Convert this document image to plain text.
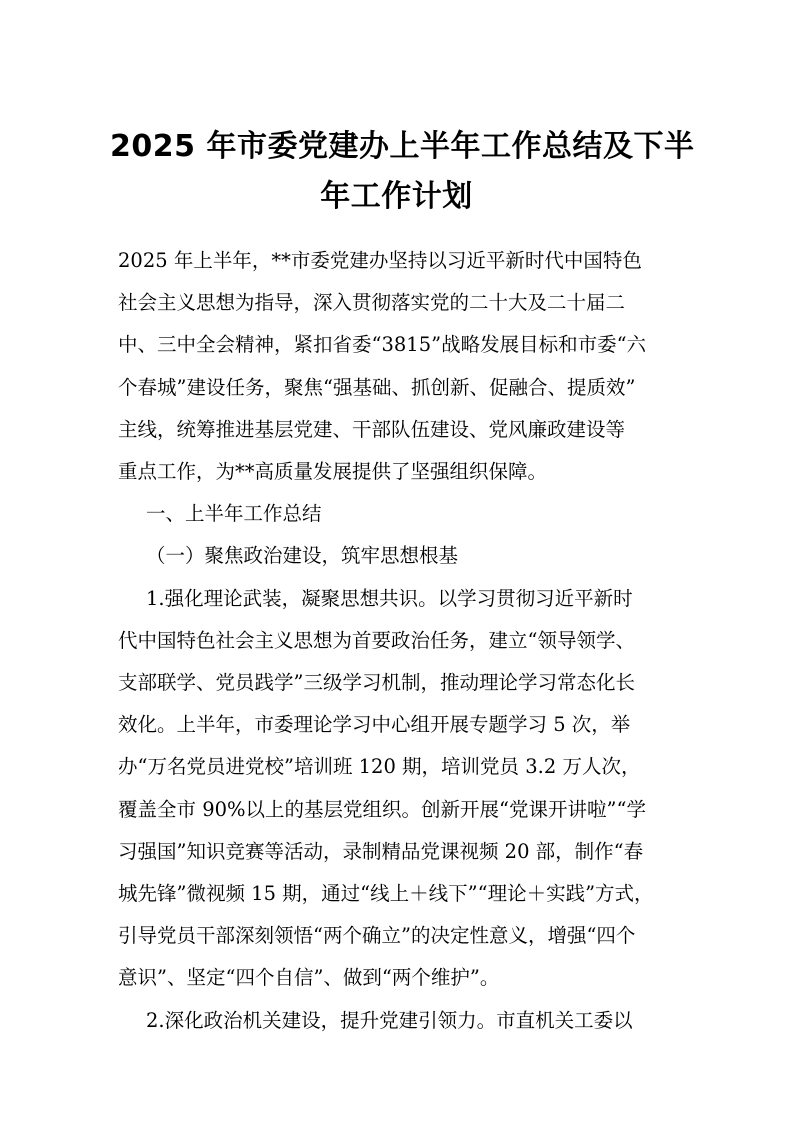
2025 年市委党建办上半年工作总结及下半
年工作计划

2025 年上半年，**市委党建办坚持以习近平新时代中国特色
社会主义思想为指导，深入贯彻落实党的二十大及二十届二
中、三中全会精神，紧扣省委“3815”战略发展目标和市委“六
个春城”建设任务，聚焦“强基础、抓创新、促融合、提质效”
主线，统筹推进基层党建、干部队伍建设、党风廉政建设等
重点工作，为**高质量发展提供了坚强组织保障。

一、上半年工作总结

（一）聚焦政治建设，筑牢思想根基

1.强化理论武装，凝聚思想共识。以学习贯彻习近平新时
代中国特色社会主义思想为首要政治任务，建立“领导领学、
支部联学、党员践学”三级学习机制，推动理论学习常态化长
效化。上半年，市委理论学习中心组开展专题学习 5 次，举
办“万名党员进党校”培训班 120 期，培训党员 3.2 万人次，
覆盖全市 90%以上的基层党组织。创新开展“党课开讲啦”“学
习强国”知识竞赛等活动，录制精品党课视频 20 部，制作“春
城先锋”微视频 15 期，通过“线上＋线下”“理论＋实践”方式，
引导党员干部深刻领悟“两个确立”的决定性意义，增强“四个
意识”、坚定“四个自信”、做到“两个维护”。

2.深化政治机关建设，提升党建引领力。市直机关工委以
